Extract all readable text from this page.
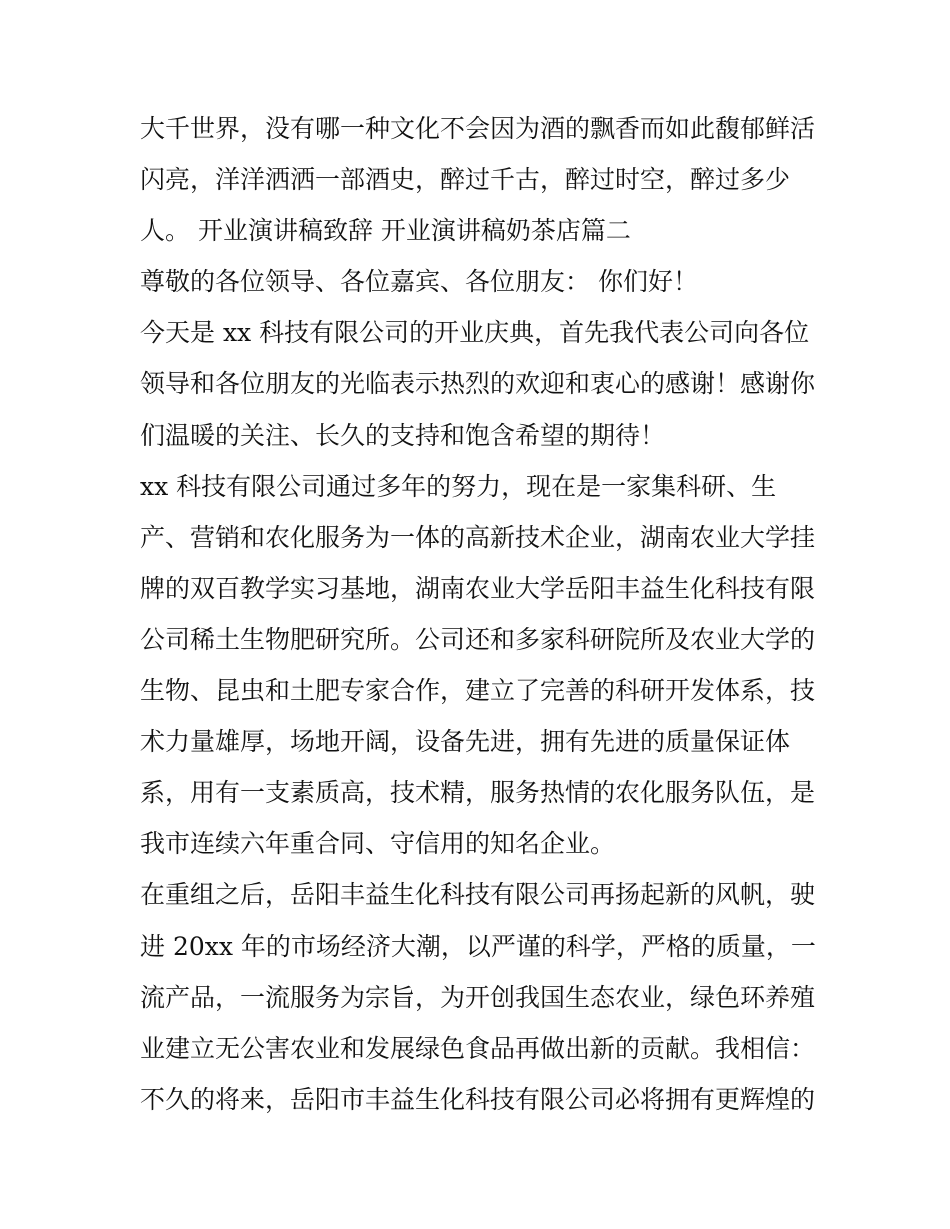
大千世界，没有哪一种文化不会因为酒的飘香而如此馥郁鲜活
闪亮，洋洋洒洒一部酒史，醉过千古，醉过时空，醉过多少
人。 开业演讲稿致辞 开业演讲稿奶茶店篇二
尊敬的各位领导、各位嘉宾、各位朋友： 你们好！
今天是 xx 科技有限公司的开业庆典，首先我代表公司向各位
领导和各位朋友的光临表示热烈的欢迎和衷心的感谢！感谢你
们温暖的关注、长久的支持和饱含希望的期待！
xx 科技有限公司通过多年的努力，现在是一家集科研、生
产、营销和农化服务为一体的高新技术企业，湖南农业大学挂
牌的双百教学实习基地，湖南农业大学岳阳丰益生化科技有限
公司稀土生物肥研究所。公司还和多家科研院所及农业大学的
生物、昆虫和土肥专家合作，建立了完善的科研开发体系，技
术力量雄厚，场地开阔，设备先进，拥有先进的质量保证体
系，用有一支素质高，技术精，服务热情的农化服务队伍，是
我市连续六年重合同、守信用的知名企业。
在重组之后，岳阳丰益生化科技有限公司再扬起新的风帆，驶
进 20xx 年的市场经济大潮，以严谨的科学，严格的质量，一
流产品，一流服务为宗旨，为开创我国生态农业，绿色环养殖
业建立无公害农业和发展绿色食品再做出新的贡献。我相信：
不久的将来，岳阳市丰益生化科技有限公司必将拥有更辉煌的
